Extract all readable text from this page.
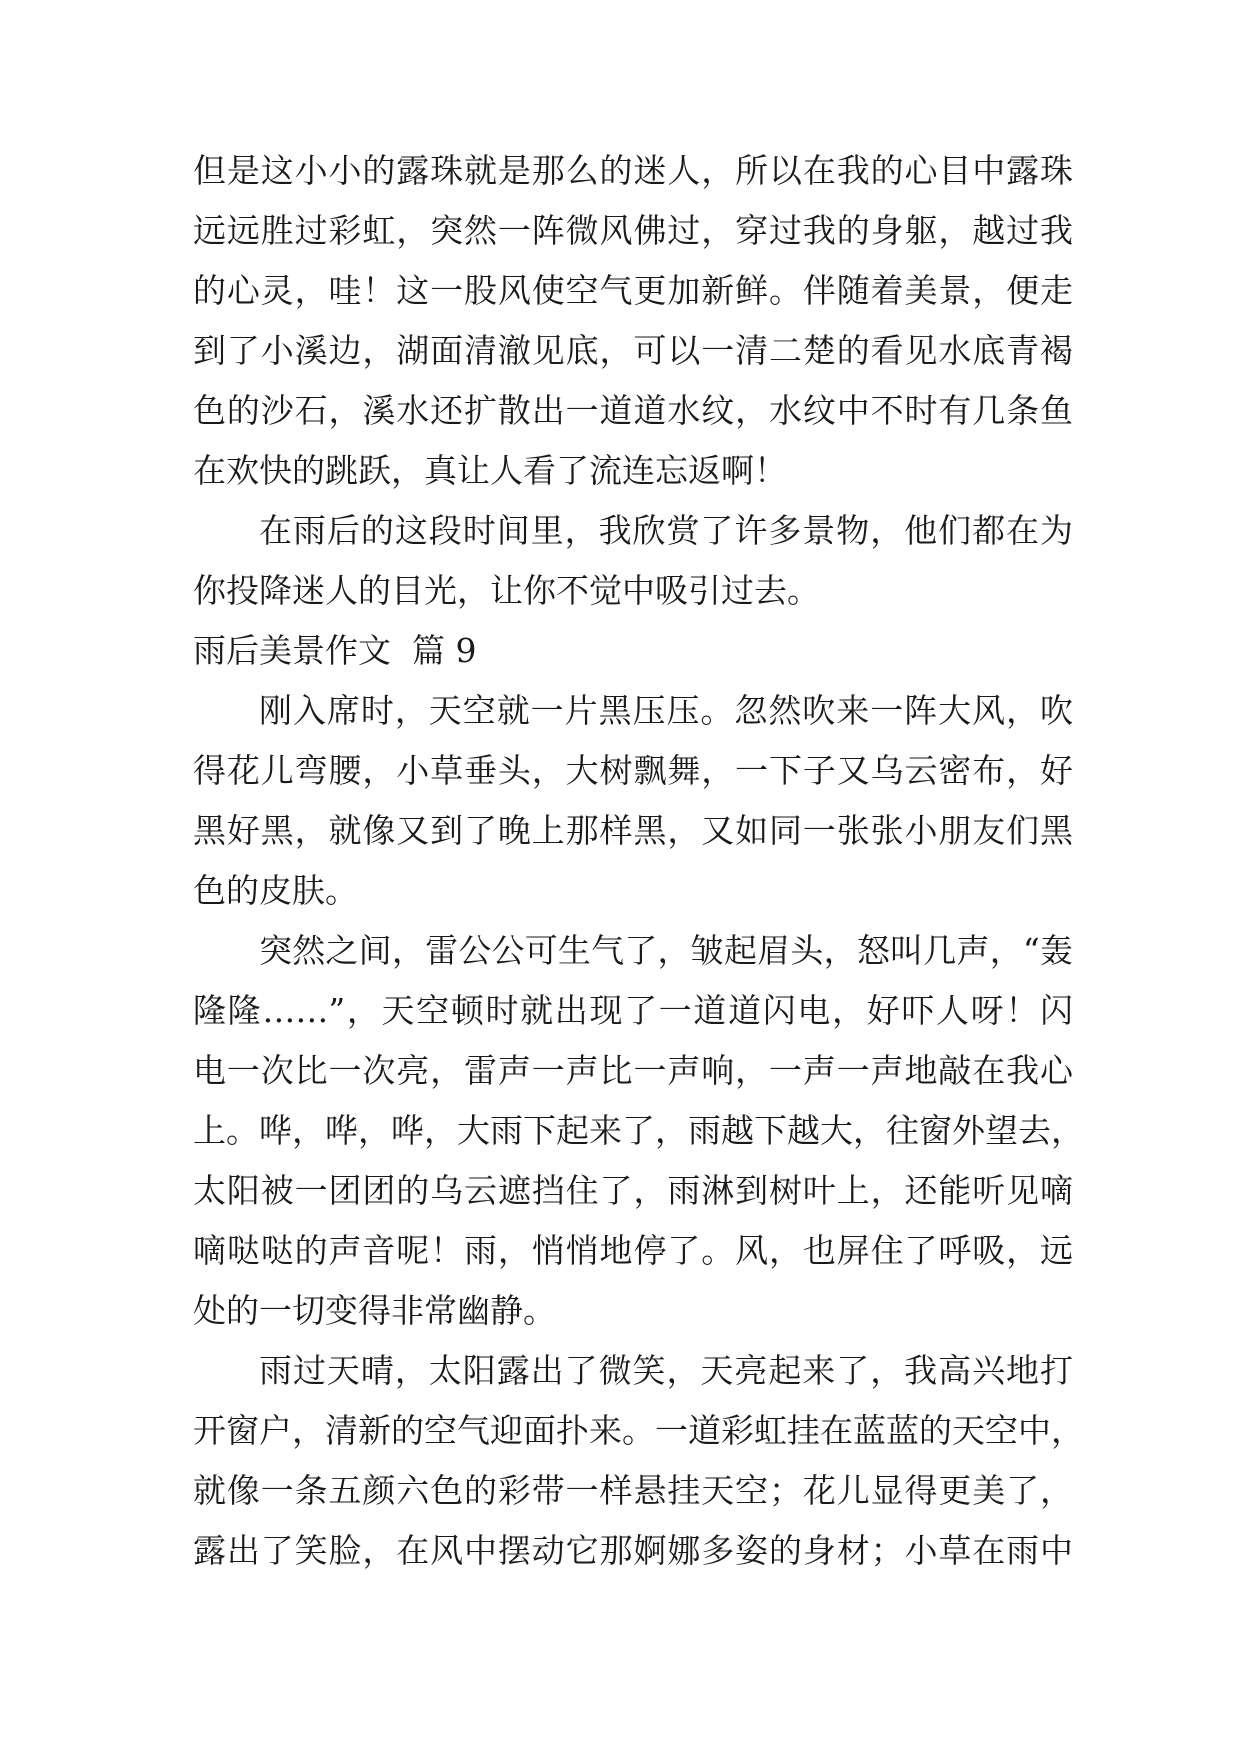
但是这小小的露珠就是那么的迷人，所以在我的心目中露珠
远远胜过彩虹，突然一阵微风佛过，穿过我的身躯，越过我
的心灵，哇！这一股风使空气更加新鲜。伴随着美景，便走
到了小溪边，湖面清澈见底，可以一清二楚的看见水底青褐
色的沙石，溪水还扩散出一道道水纹，水纹中不时有几条鱼
在欢快的跳跃，真让人看了流连忘返啊！
在雨后的这段时间里，我欣赏了许多景物，他们都在为
你投降迷人的目光，让你不觉中吸引过去。
雨后美景作文  篇 9
刚入席时，天空就一片黑压压。忽然吹来一阵大风，吹
得花儿弯腰，小草垂头，大树飘舞，一下子又乌云密布，好
黑好黑，就像又到了晚上那样黑，又如同一张张小朋友们黑
色的皮肤。
突然之间，雷公公可生气了，皱起眉头，怒叫几声，“轰
隆隆……”，天空顿时就出现了一道道闪电，好吓人呀！闪
电一次比一次亮，雷声一声比一声响，一声一声地敲在我心
上。哗，哗，哗，大雨下起来了，雨越下越大，往窗外望去，
太阳被一团团的乌云遮挡住了，雨淋到树叶上，还能听见嘀
嘀哒哒的声音呢！雨，悄悄地停了。风，也屏住了呼吸，远
处的一切变得非常幽静。
雨过天晴，太阳露出了微笑，天亮起来了，我高兴地打
开窗户，清新的空气迎面扑来。一道彩虹挂在蓝蓝的天空中，
就像一条五颜六色的彩带一样悬挂天空；花儿显得更美了，
露出了笑脸，在风中摆动它那婀娜多姿的身材；小草在雨中
